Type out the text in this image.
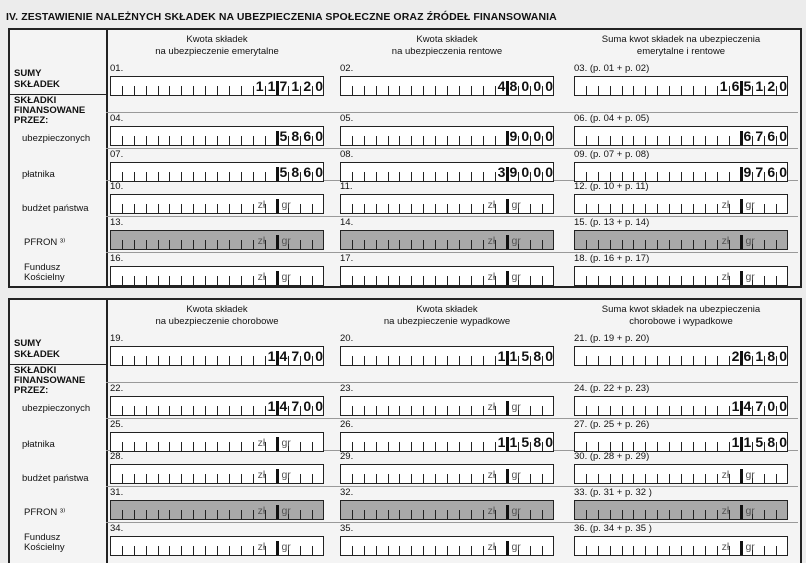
IV. ZESTAWIENIE NALEŻNYCH SKŁADEK NA UBEZPIECZENIA SPOŁECZNE ORAZ ŹRÓDEŁ FINANSOWANIA
SUMY
SKŁADEK
SKŁADKI
FINANSOWANE
PRZEZ:
ubezpieczonych
płatnika
budżet państwa
PFRON ³⁾
Fundusz Kościelny
Kwota składek
na ubezpieczenie emerytalne
Kwota składek
na ubezpieczenia rentowe
Suma kwot składek na ubezpieczenia
emerytalne i rentowe
01.
1 1 7 1 2 0
02.
4 8 0 0 0
03. (p. 01 + p. 02)
1 6 5 1 2 0
04.
5 8 6 0
05.
9 0 0 0
06. (p. 04 + p. 05)
6 7 6 0
07.
5 8 6 0
08.
3 9 0 0 0
09. (p. 07 + p. 08)
9 7 6 0
10.
zł gr
11.
zł gr
12. (p. 10 + p. 11)
zł gr
13.
zł gr
14.
zł gr
15. (p. 13 + p. 14)
zł gr
16.
zł gr
17.
zł gr
18. (p. 16 + p. 17)
zł gr
SUMY
SKŁADEK
SKŁADKI
FINANSOWANE
PRZEZ:
ubezpieczonych
płatnika
budżet państwa
PFRON ³⁾
Fundusz Kościelny
Kwota składek
na ubezpieczenie chorobowe
Kwota składek
na ubezpieczenie wypadkowe
Suma kwot składek na ubezpieczenia
chorobowe i wypadkowe
19.
1 4 7 0 0
20.
1 1 5 8 0
21. (p. 19 + p. 20)
2 6 1 8 0
22.
1 4 7 0 0
23.
zł gr
24. (p. 22 + p. 23)
1 4 7 0 0
25.
zł gr
26.
1 1 5 8 0
27. (p. 25 + p. 26)
1 1 5 8 0
28.
zł gr
29.
zł gr
30. (p. 28 + p. 29)
zł gr
31.
zł gr
32.
zł gr
33. (p. 31 + p. 32 )
zł gr
34.
zł gr
35.
zł gr
36. (p. 34 + p. 35 )
zł gr
